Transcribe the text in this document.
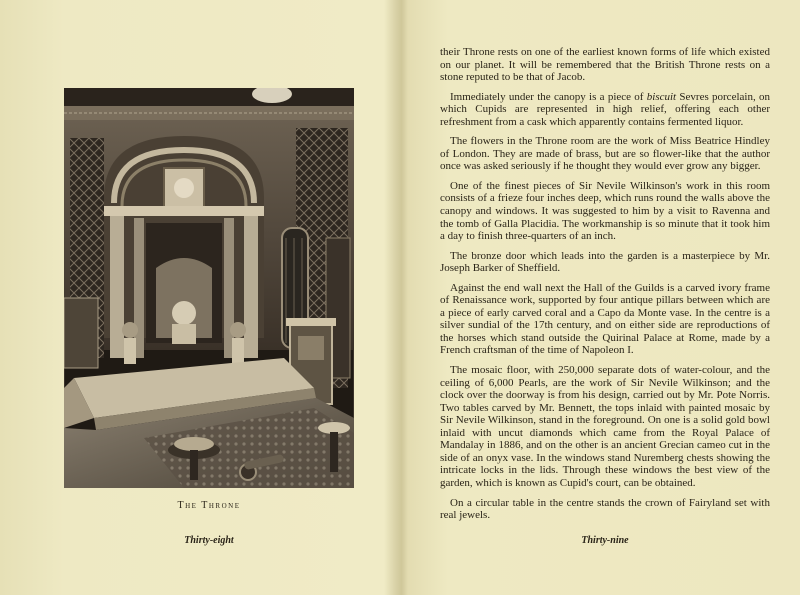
The Throne
Thirty-eight

their Throne rests on one of the earliest known forms of life which existed on our planet. It will be remembered that the British Throne rests on a stone reputed to be that of Jacob.

Immediately under the canopy is a piece of biscuit Sevres porcelain, on which Cupids are represented in high relief, offering each other refreshment from a cask which apparently contains fermented liquor.

The flowers in the Throne room are the work of Miss Beatrice Hindley of London. They are made of brass, but are so flower-like that the author once was asked seriously if he thought they would ever grow any bigger.

One of the finest pieces of Sir Nevile Wilkinson's work in this room consists of a frieze four inches deep, which runs round the walls above the canopy and windows. It was suggested to him by a visit to Ravenna and the tomb of Galla Placidia. The workmanship is so minute that it took him a day to finish three-quarters of an inch.

The bronze door which leads into the garden is a masterpiece by Mr. Joseph Barker of Sheffield.

Against the end wall next the Hall of the Guilds is a carved ivory frame of Renaissance work, supported by four antique pillars between which are a piece of early carved coral and a Capo da Monte vase. In the centre is a silver sundial of the 17th century, and on either side are reproductions of the horses which stand outside the Quirinal Palace at Rome, made by a French craftsman of the time of Napoleon I.

The mosaic floor, with 250,000 separate dots of water-colour, and the ceiling of 6,000 Pearls, are the work of Sir Nevile Wilkinson; and the clock over the doorway is from his design, carried out by Mr. Pote Norris. Two tables carved by Mr. Bennett, the tops inlaid with painted mosaic by Sir Nevile Wilkinson, stand in the foreground. On one is a solid gold bowl inlaid with uncut diamonds which came from the Royal Palace of Mandalay in 1886, and on the other is an ancient Grecian cameo cut in the side of an onyx vase. In the windows stand Nuremberg chests showing the intricate locks in the lids. Through these windows the best view of the garden, which is known as Cupid's court, can be obtained.

On a circular table in the centre stands the crown of Fairyland set with real jewels.

Thirty-nine
